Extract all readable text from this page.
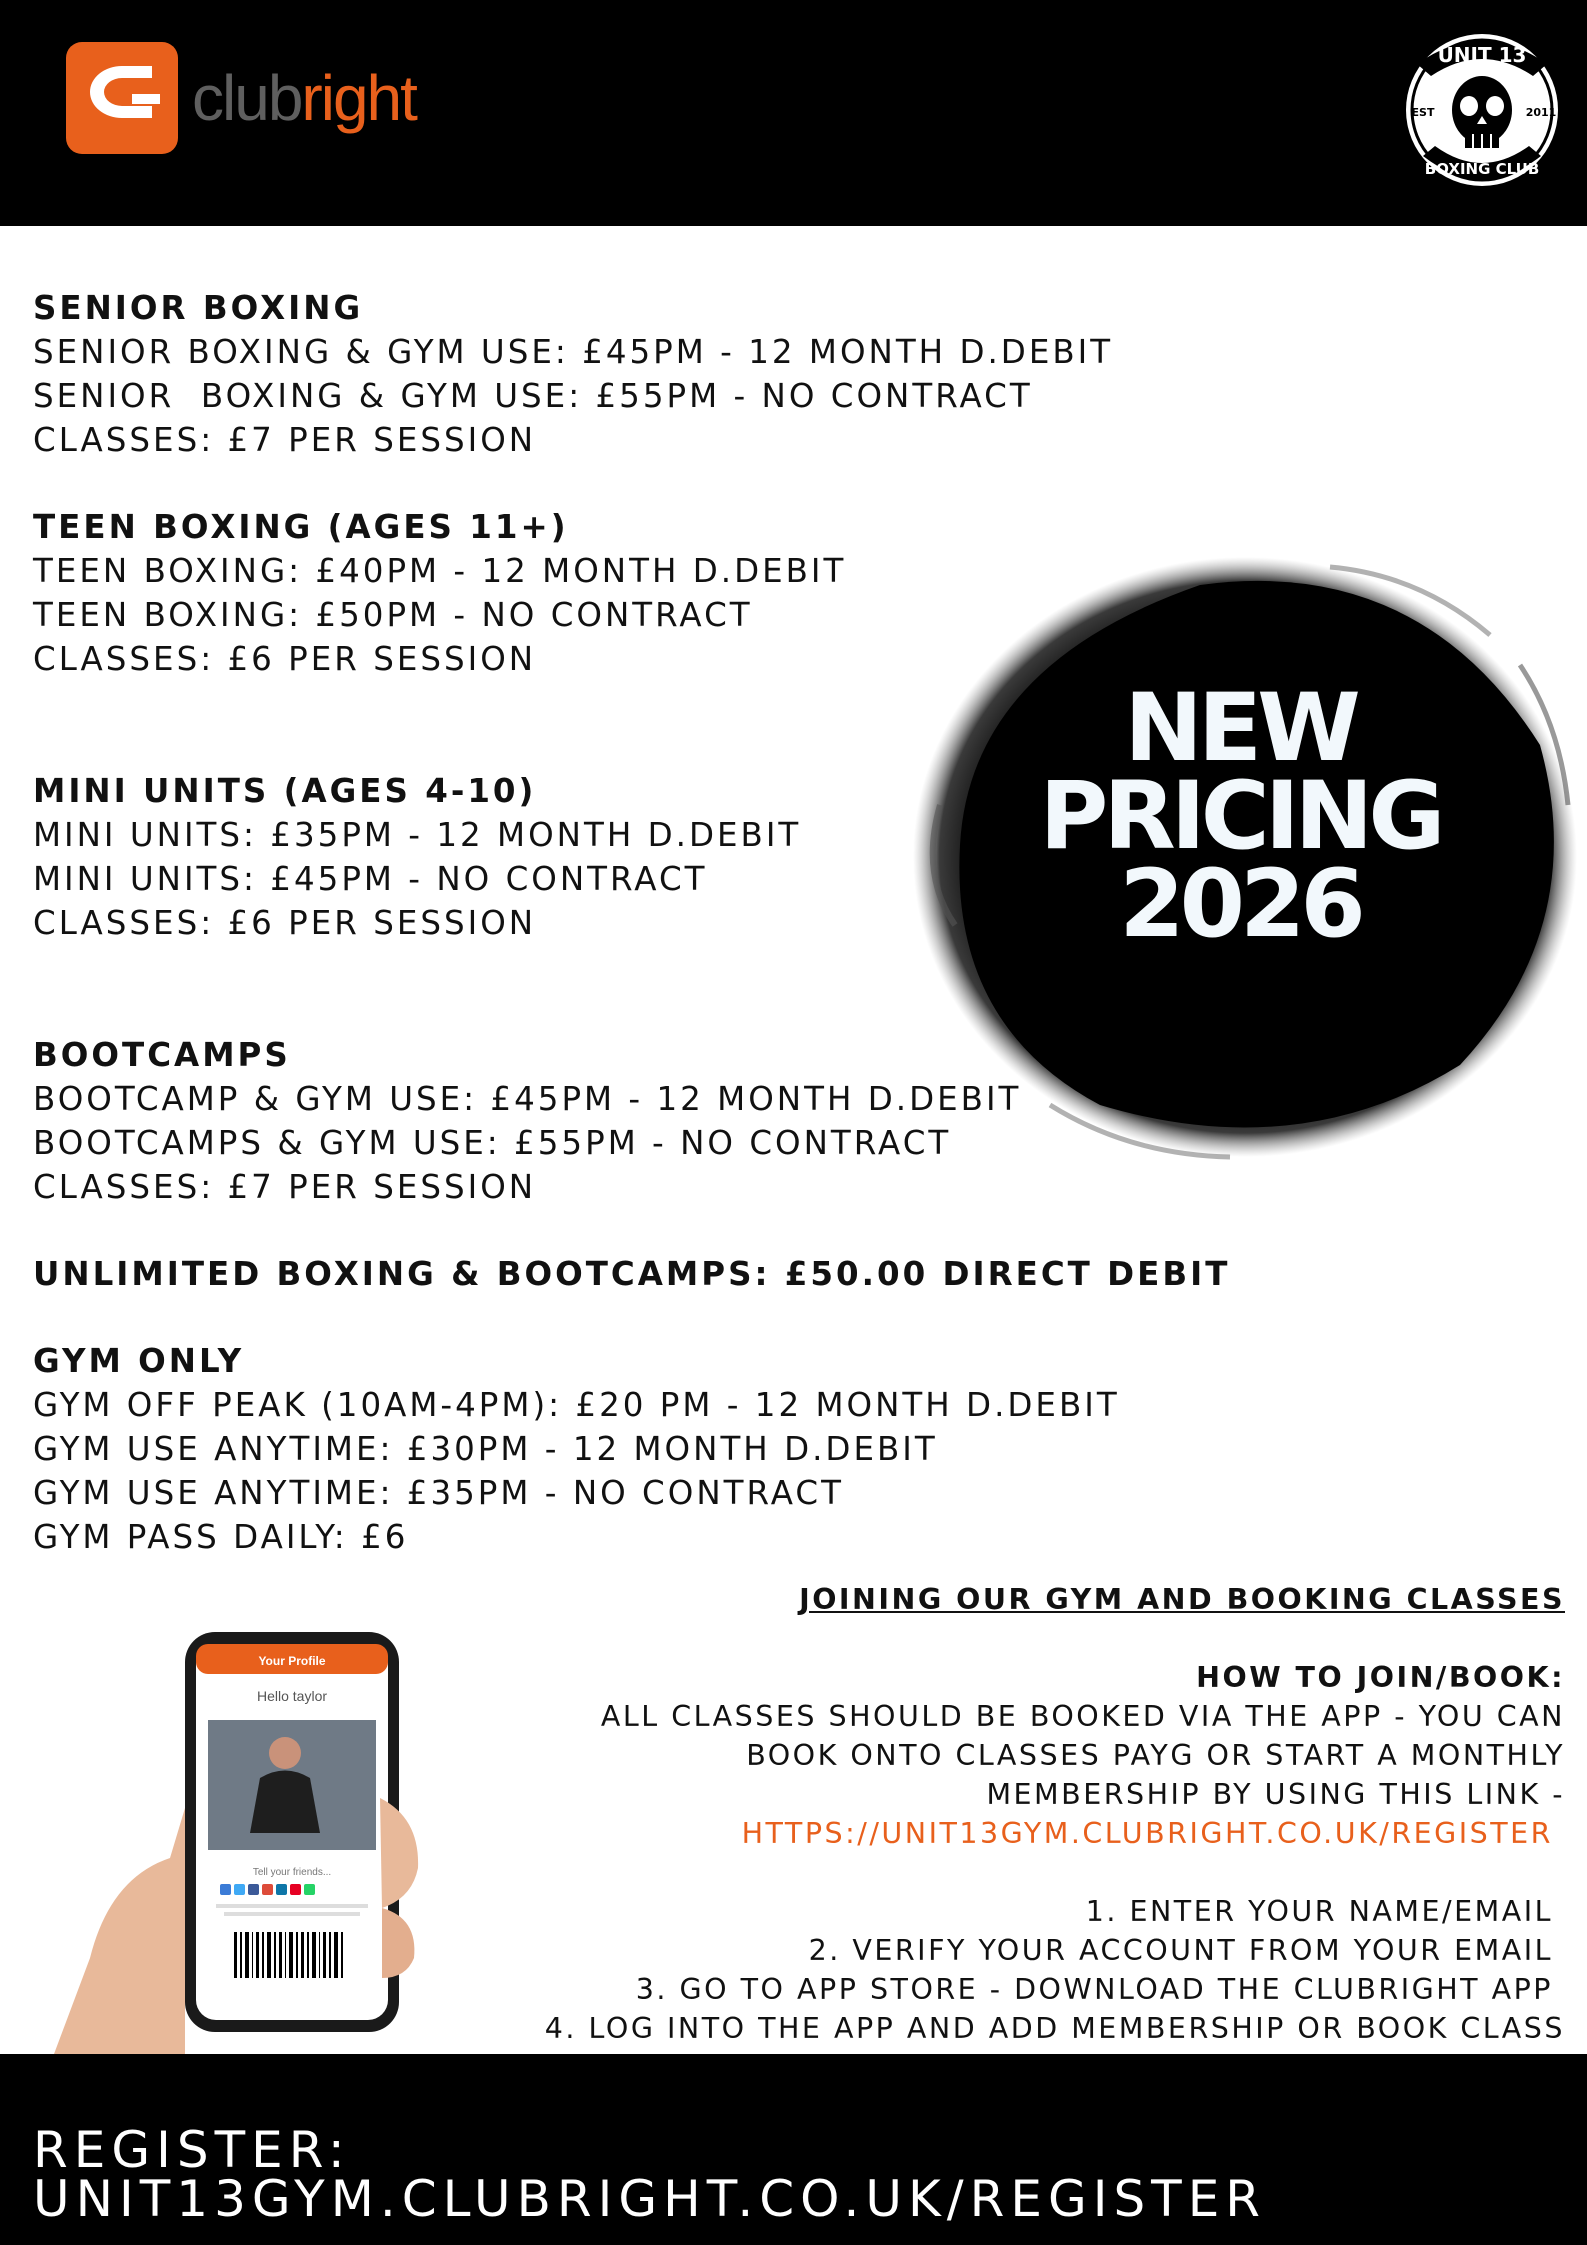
clubright
UNIT 13
EST	2011
BOXING CLUB
SENIOR BOXING
SENIOR BOXING & GYM USE: £45PM - 12 MONTH D.DEBIT
SENIOR  BOXING & GYM USE: £55PM - NO CONTRACT
CLASSES: £7 PER SESSION
TEEN BOXING (AGES 11+)
TEEN BOXING: £40PM - 12 MONTH D.DEBIT
TEEN BOXING: £50PM - NO CONTRACT
CLASSES: £6 PER SESSION
MINI UNITS (AGES 4-10)
MINI UNITS: £35PM - 12 MONTH D.DEBIT
MINI UNITS: £45PM - NO CONTRACT
CLASSES: £6 PER SESSION
BOOTCAMPS
BOOTCAMP & GYM USE: £45PM - 12 MONTH D.DEBIT
BOOTCAMPS & GYM USE: £55PM - NO CONTRACT
CLASSES: £7 PER SESSION
UNLIMITED BOXING & BOOTCAMPS: £50.00 DIRECT DEBIT
GYM ONLY
GYM OFF PEAK (10AM-4PM): £20 PM - 12 MONTH D.DEBIT
GYM USE ANYTIME: £30PM - 12 MONTH D.DEBIT
GYM USE ANYTIME: £35PM - NO CONTRACT
GYM PASS DAILY: £6
NEW
PRICING
2026
Your Profile
Hello taylor
Tell your friends...
JOINING OUR GYM AND BOOKING CLASSES
HOW TO JOIN/BOOK:
ALL CLASSES SHOULD BE BOOKED VIA THE APP - YOU CAN
BOOK ONTO CLASSES PAYG OR START A MONTHLY
MEMBERSHIP BY USING THIS LINK -
HTTPS://UNIT13GYM.CLUBRIGHT.CO.UK/REGISTER
1. ENTER YOUR NAME/EMAIL
2. VERIFY YOUR ACCOUNT FROM YOUR EMAIL
3. GO TO APP STORE - DOWNLOAD THE CLUBRIGHT APP
4. LOG INTO THE APP AND ADD MEMBERSHIP OR BOOK CLASS
REGISTER:
UNIT13GYM.CLUBRIGHT.CO.UK/REGISTER
